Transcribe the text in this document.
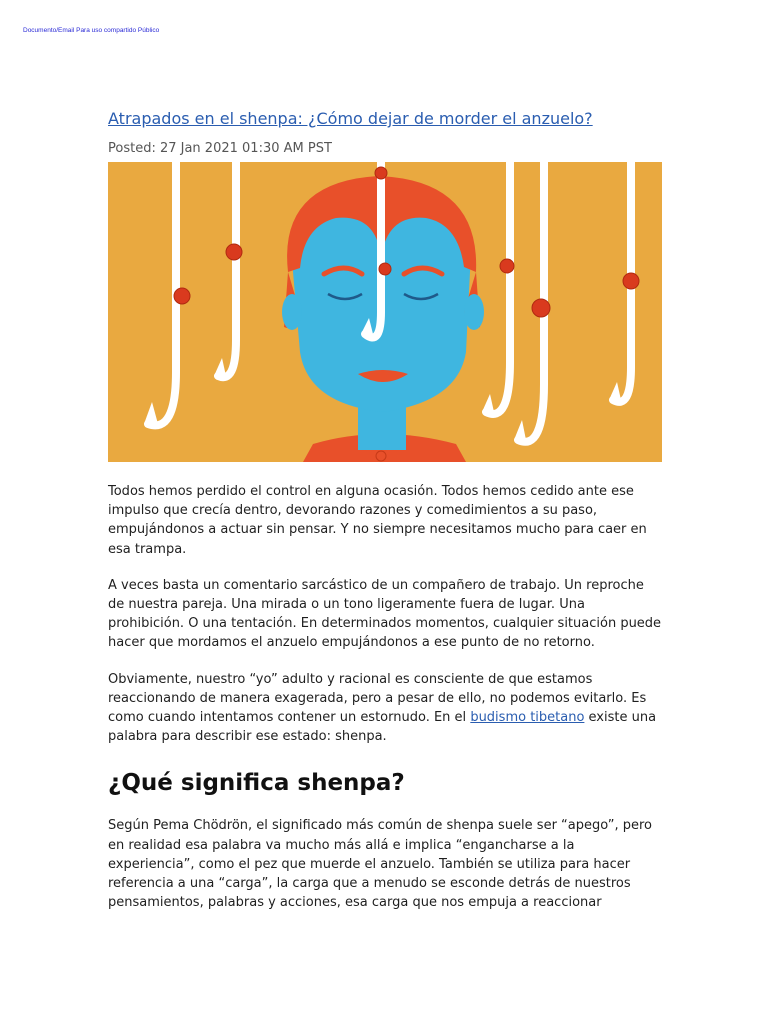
Documento/Email Para uso compartido Público
Atrapados en el shenpa: ¿Cómo dejar de morder el anzuelo?
Posted: 27 Jan 2021 01:30 AM PST

Todos hemos perdido el control en alguna ocasión. Todos hemos cedido ante ese impulso que crecía dentro, devorando razones y comedimientos a su paso, empujándonos a actuar sin pensar. Y no siempre necesitamos mucho para caer en esa trampa.

A veces basta un comentario sarcástico de un compañero de trabajo. Un reproche de nuestra pareja. Una mirada o un tono ligeramente fuera de lugar. Una prohibición. O una tentación. En determinados momentos, cualquier situación puede hacer que mordamos el anzuelo empujándonos a ese punto de no retorno.

Obviamente, nuestro “yo” adulto y racional es consciente de que estamos reaccionando de manera exagerada, pero a pesar de ello, no podemos evitarlo. Es como cuando intentamos contener un estornudo. En el budismo tibetano existe una palabra para describir ese estado: shenpa.

¿Qué significa shenpa?

Según Pema Chödrön, el significado más común de shenpa suele ser “apego”, pero en realidad esa palabra va mucho más allá e implica “engancharse a la experiencia”, como el pez que muerde el anzuelo. También se utiliza para hacer referencia a una “carga”, la carga que a menudo se esconde detrás de nuestros pensamientos, palabras y acciones, esa carga que nos empuja a reaccionar
